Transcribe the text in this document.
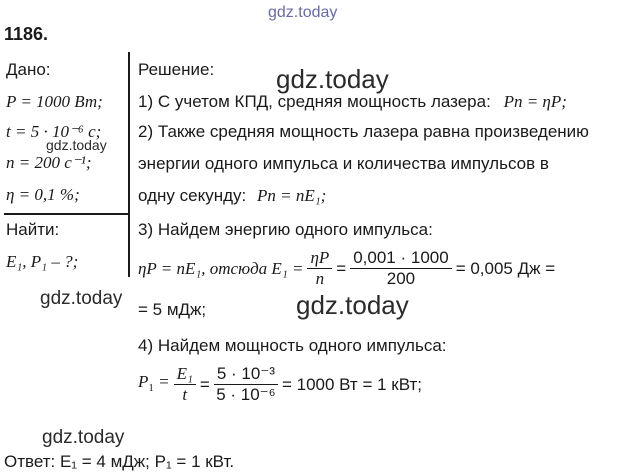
gdz.today
1186.
Дано:
P = 1000 Вт;
t = 5 · 10⁻⁶ с;
n = 200 с⁻¹;
η = 0,1 %;
Найти:
E₁, P₁ – ?;
Решение:
1) С учетом КПД, средняя мощность лазера: Pn = ηP;
2) Также средняя мощность лазера равна произведению
энергии одного импульса и количества импульсов в
одну секунду: Pn = nE₁;
3) Найдем энергию одного импульса:
ηP = nE₁, отсюда $E_1 = \frac{\eta P}{n} = \frac{0,001 \cdot 1000}{200} = 0,005$ Дж =
= 5 мДж;
4) Найдем мощность одного импульса:
$P_1 = \frac{\text{E₁}}{t} = \frac{\text{5 · 10⁻³}}{\text{5 · 10⁻⁶}} = 1000$ Вт = 1 кВт;
Ответ: E₁ = 4 мДж; P₁ = 1 кВт.
gdz.today
gdz.today
gdz.today	gdz.today
gdz.today
